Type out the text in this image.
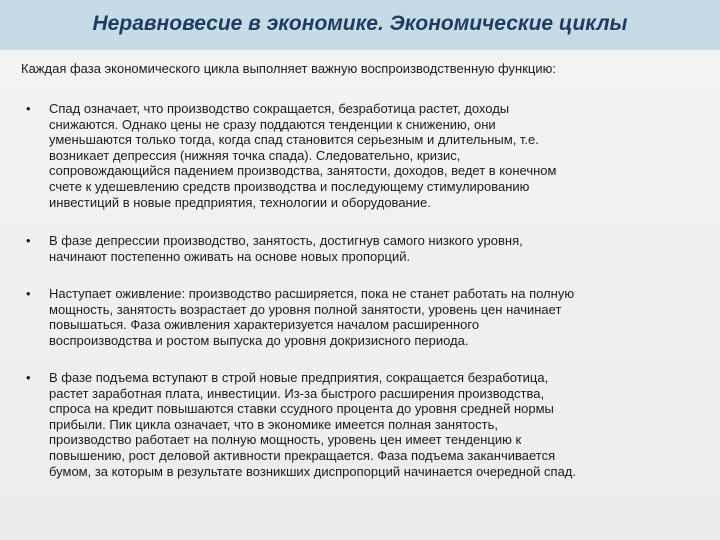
Неравновесие в экономике. Экономические циклы
Каждая фаза экономического цикла выполняет важную воспроизводственную функцию:
• Спад означает, что производство сокращается, безработица растет, доходы
снижаются. Однако цены не сразу поддаются тенденции к снижению, они
уменьшаются только тогда, когда спад становится серьезным и длительным, т.е.
возникает депрессия (нижняя точка спада). Следовательно, кризис,
сопровождающийся падением производства, занятости, доходов, ведет в конечном
счете к удешевлению средств производства и последующему стимулированию
инвестиций в новые предприятия, технологии и оборудование.
• В фазе депрессии производство, занятость, достигнув самого низкого уровня,
начинают постепенно оживать на основе новых пропорций.
• Наступает оживление: производство расширяется, пока не станет работать на полную
мощность, занятость возрастает до уровня полной занятости, уровень цен начинает
повышаться. Фаза оживления характеризуется началом расширенного
воспроизводства и ростом выпуска до уровня докризисного периода.
• В фазе подъема вступают в строй новые предприятия, сокращается безработица,
растет заработная плата, инвестиции. Из-за быстрого расширения производства,
спроса на кредит повышаются ставки ссудного процента до уровня средней нормы
прибыли. Пик цикла означает, что в экономике имеется полная занятость,
производство работает на полную мощность, уровень цен имеет тенденцию к
повышению, рост деловой активности прекращается. Фаза подъема заканчивается
бумом, за которым в результате возникших диспропорций начинается очередной спад.
